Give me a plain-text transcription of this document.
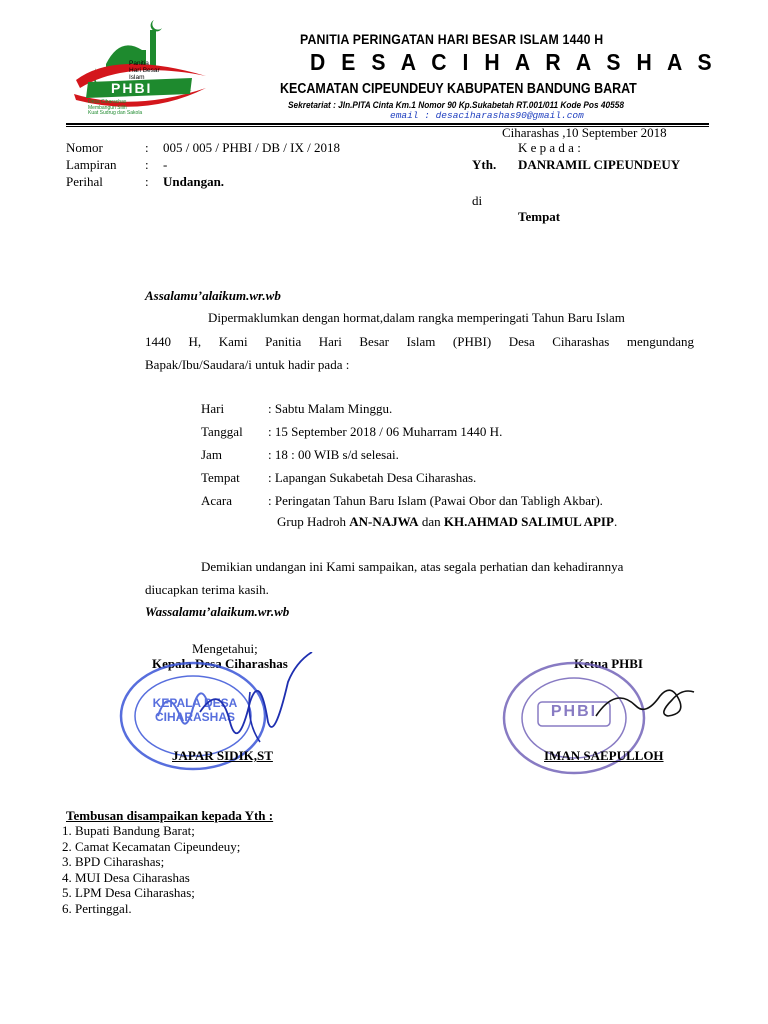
Panitia
Hari Besar
Islam
PHBI
Desa Ciharashas
Membangun Silih
Kuat Sudrug dan Sakola
PANITIA PERINGATAN HARI BESAR ISLAM 1440 H
D E S A C I H A R A S H A S
KECAMATAN CIPEUNDEUY KABUPATEN BANDUNG BARAT
Sekretariat : Jln.PITA Cinta Km.1 Nomor 90 Kp.Sukabetah RT.001/011 Kode Pos 40558
email : desaciharashas90@gmail.com
Ciharashas ,10 September 2018
Nomor	: 005 / 005 / PHBI / DB / IX / 2018
Lampiran : -
Perihal	: Undangan.
K e p a d a :
Yth. DANRAMIL CIPEUNDEUY
di
Tempat
Assalamu’alaikum.wr.wb
Dipermaklumkan dengan hormat,dalam rangka memperingati Tahun Baru Islam
1440 H, Kami Panitia Hari Besar Islam (PHBI) Desa Ciharashas mengundang
Bapak/Ibu/Saudara/i untuk hadir pada :
Hari	: Sabtu Malam Minggu.
Tanggal : 15 September 2018 / 06 Muharram 1440 H.
Jam	: 18 : 00 WIB s/d selesai.
Tempat : Lapangan Sukabetah Desa Ciharashas.
Acara	: Peringatan Tahun Baru Islam (Pawai Obor dan Tabligh Akbar).
Grup Hadroh AN-NAJWA dan KH.AHMAD SALIMUL APIP.
Demikian undangan ini Kami sampaikan, atas segala perhatian dan kehadirannya
diucapkan terima kasih.
Wassalamu’alaikum.wr.wb
Mengetahui;
Kepala Desa Ciharashas	Ketua PHBI
KEPALA DESA CIHARASHAS
JAPAR SIDIK,ST
PHBI
IMAN SAEPULLOH
Tembusan disampaikan kepada Yth :
1. Bupati Bandung Barat;
2. Camat Kecamatan Cipeundeuy;
3. BPD Ciharashas;
4. MUI Desa Ciharashas
5. LPM Desa Ciharashas;
6. Pertinggal.
